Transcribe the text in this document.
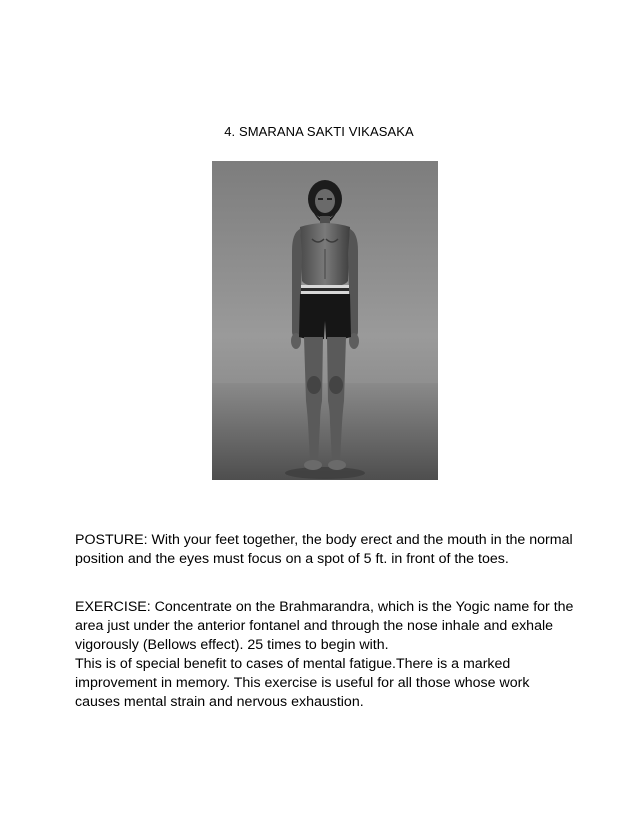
4. SMARANA SAKTI VIKASAKA
POSTURE: With your feet together, the body erect and the mouth in the normal position and the eyes must focus on a spot of 5 ft. in front of the toes.

EXERCISE: Concentrate on the Brahmarandra, which is the Yogic name for the area just under the anterior fontanel and through the nose inhale and exhale vigorously (Bellows effect). 25 times to begin with.

This is of special benefit to cases of mental fatigue.There is a marked improvement in memory. This exercise is useful for all those whose work causes mental strain and nervous exhaustion.
